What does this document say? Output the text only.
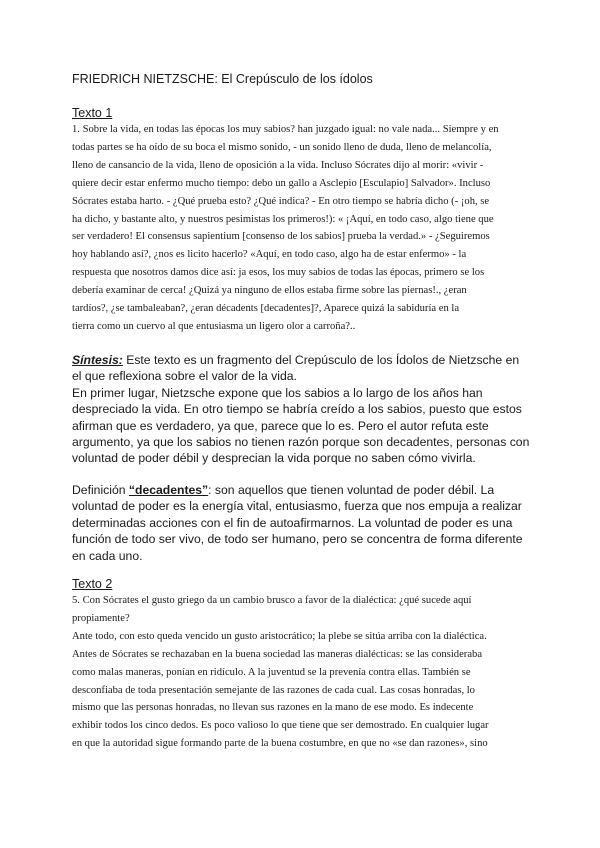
FRIEDRICH NIETZSCHE: El Crepúsculo de los ídolos
Texto 1
1. Sobre la vida, en todas las épocas los muy sabios? han juzgado igual: no vale nada... Siempre y en
todas partes se ha oído de su boca el mismo sonido, - un sonido lleno de duda, lleno de melancolía,
lleno de cansancio de la vida, lleno de oposición a la vida. Incluso Sócrates dijo al morir: «vivir -
quiere decir estar enfermo mucho tiempo: debo un gallo a Asclepio [Esculapio] Salvador». Incluso
Sócrates estaba harto. - ¿Qué prueba esto? ¿Qué indica? - En otro tiempo se habría dicho (- ¡oh, se
ha dicho, y bastante alto, y nuestros pesimistas los primeros!): « ¡Aquí, en todo caso, algo tiene que
ser verdadero! El consensus sapientium [consenso de los sabios] prueba la verdad.» - ¿Seguiremos
hoy hablando así?, ¿nos es licito hacerlo? «Aquí, en todo caso, algo ha de estar enfermo» - la
respuesta que nosotros damos dice así: ja esos, los muy sabios de todas las épocas, primero se los
debería examinar de cerca! ¿Quizá ya ninguno de ellos estaba firme sobre las piernas!., ¿eran
tardíos?, ¿se tambaleaban?, ¿eran décadents [decadentes]?, Aparece quizá la sabiduría en la
tierra como un cuervo al que entusiasma un ligero olor a carroña?..
Síntesis: Este texto es un fragmento del Crepúsculo de los Ídolos de Nietzsche en
el que reflexiona sobre el valor de la vida.
En primer lugar, Nietzsche expone que los sabios a lo largo de los años han
despreciado la vida. En otro tiempo se habría creído a los sabios, puesto que estos
afirman que es verdadero, ya que, parece que lo es. Pero el autor refuta este
argumento, ya que los sabios no tienen razón porque son decadentes, personas con
voluntad de poder débil y desprecian la vida porque no saben cómo vivirla.
Definición “decadentes”: son aquellos que tienen voluntad de poder débil. La
voluntad de poder es la energía vital, entusiasmo, fuerza que nos empuja a realizar
determinadas acciones con el fin de autoafirmarnos. La voluntad de poder es una
función de todo ser vivo, de todo ser humano, pero se concentra de forma diferente
en cada uno.
Texto 2
5. Con Sócrates el gusto griego da un cambio brusco a favor de la dialéctica: ¿qué sucede aquí
propiamente?
Ante todo, con esto queda vencido un gusto aristocrático; la plebe se sitúa arriba con la dialéctica.
Antes de Sócrates se rechazaban en la buena sociedad las maneras dialécticas: se las consideraba
como malas maneras, ponían en ridículo. A la juventud se la prevenía contra ellas. También se
desconfiaba de toda presentación semejante de las razones de cada cual. Las cosas honradas, lo
mismo que las personas honradas, no llevan sus razones en la mano de ese modo. Es indecente
exhibir todos los cinco dedos. Es poco valioso lo que tiene que ser demostrado. En cualquier lugar
en que la autoridad sigue formando parte de la buena costumbre, en que no «se dan razones», sino
